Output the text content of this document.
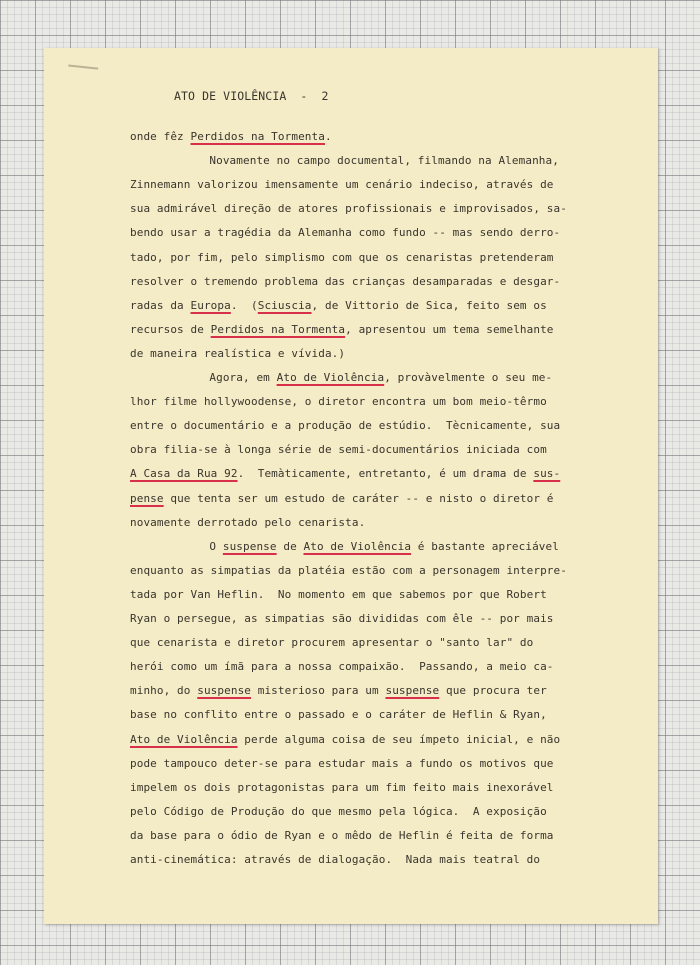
ATO DE VIOLÊNCIA  -  2
onde fêz Perdidos na Tormenta.
Novamente no campo documental, filmando na Alemanha,
Zinnemann valorizou imensamente um cenário indeciso, através de
sua admirável direção de atores profissionais e improvisados, sa-
bendo usar a tragédia da Alemanha como fundo -- mas sendo derro-
tado, por fim, pelo simplismo com que os cenaristas pretenderam
resolver o tremendo problema das crianças desamparadas e desgar-
radas da Europa.  (Sciuscia, de Vittorio de Sica, feito sem os
recursos de Perdidos na Tormenta, apresentou um tema semelhante
de maneira realística e vívida.)
Agora, em Ato de Violência, provàvelmente o seu me-
lhor filme hollywoodense, o diretor encontra um bom meio-têrmo
entre o documentário e a produção de estúdio.  Tècnicamente, sua
obra filia-se à longa série de semi-documentários iniciada com
A Casa da Rua 92.  Temàticamente, entretanto, é um drama de sus-
pense que tenta ser um estudo de caráter -- e nisto o diretor é
novamente derrotado pelo cenarista.
O suspense de Ato de Violência é bastante apreciável
enquanto as simpatias da platéia estão com a personagem interpre-
tada por Van Heflin.  No momento em que sabemos por que Robert
Ryan o persegue, as simpatias são divididas com êle -- por mais
que cenarista e diretor procurem apresentar o "santo lar" do
herói como um ímã para a nossa compaixão.  Passando, a meio ca-
minho, do suspense misterioso para um suspense que procura ter
base no conflito entre o passado e o caráter de Heflin & Ryan,
Ato de Violência perde alguma coisa de seu ímpeto inicial, e não
pode tampouco deter-se para estudar mais a fundo os motivos que
impelem os dois protagonistas para um fim feito mais inexorável
pelo Código de Produção do que mesmo pela lógica.  A exposição
da base para o ódio de Ryan e o mêdo de Heflin é feita de forma
anti-cinemática: através de dialogação.  Nada mais teatral do
